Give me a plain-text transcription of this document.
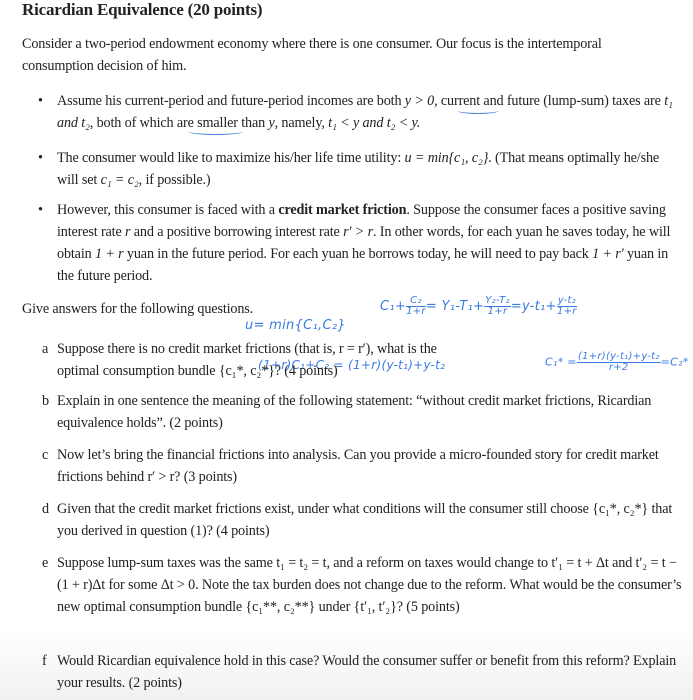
Ricardian Equivalence (20 points)
Consider a two-period endowment economy where there is one consumer. Our focus is the intertemporal consumption decision of him.
• Assume his current-period and future-period incomes are both y > 0, current and future (lump-sum) taxes are t₁ and t₂, both of which are smaller than y, namely, t₁ < y and t₂ < y.
• The consumer would like to maximize his/her life time utility: u = min{c₁, c₂}. (That means optimally he/she will set c₁ = c₂, if possible.)
• However, this consumer is faced with a credit market friction. Suppose the consumer faces a positive saving interest rate r and a positive borrowing interest rate r′ > r. In other words, for each yuan he saves today, he will obtain 1 + r yuan in the future period. For each yuan he borrows today, he will need to pay back 1 + r′ yuan in the future period.
Give answers for the following questions.
u= min{C₁,C₂}
$C_1+ \frac{\text{C₂}}{1+r} = Y_1-T_1+ \frac{\text{Y₂-T₂}}{1+r} =y-t_1+ \frac{\text{y-t₂}}{1+r}$
(1+r)C₁+C₂ = (1+r)(y-t₁)+y-t₂	$C_1* = \frac{\text{(1+r)(y-t₁)+y-t₂}}{r+2} =C_2*$
a Suppose there is no credit market frictions (that is, r = r′), what is the optimal consumption bundle {c₁*, c₂*}? (4 points)
b Explain in one sentence the meaning of the following statement: “without credit market frictions, Ricardian equivalence holds”. (2 points)
c Now let’s bring the financial frictions into analysis. Can you provide a micro-founded story for credit market frictions behind r′ > r? (3 points)
d Given that the credit market frictions exist, under what conditions will the consumer still choose {c₁*, c₂*} that you derived in question (1)? (4 points)
e Suppose lump-sum taxes was the same t₁ = t₂ = t, and a reform on taxes would change to t′₁ = t + Δt and t′₂ = t − (1 + r)Δt for some Δt > 0. Note the tax burden does not change due to the reform. What would be the consumer’s new optimal consumption bundle {c₁**, c₂**} under {t′₁, t′₂}? (5 points)
f Would Ricardian equivalence hold in this case? Would the consumer suffer or benefit from this reform? Explain your results. (2 points)
